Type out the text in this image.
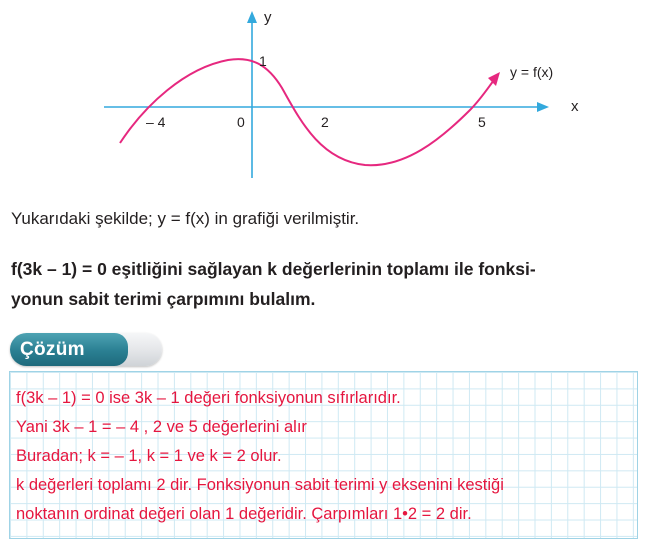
y
x
y = f(x)
– 4	0	2	5
1

Yukarıdaki şekilde; y = f(x) in grafiği verilmiştir.

f(3k – 1) = 0 eşitliğini sağlayan k değerlerinin toplamı ile fonksi-
yonun sabit terimi çarpımını bulalım.

Çözüm
f(3k – 1) = 0 ise 3k – 1 değeri fonksiyonun sıfırlarıdır.
Yani 3k – 1 = – 4 , 2 ve 5 değerlerini alır
Buradan; k = – 1, k = 1 ve k = 2 olur.
k değerleri toplamı 2 dir. Fonksiyonun sabit terimi y eksenini kestiği
noktanın ordinat değeri olan 1 değeridir. Çarpımları 1•2 = 2 dir.
